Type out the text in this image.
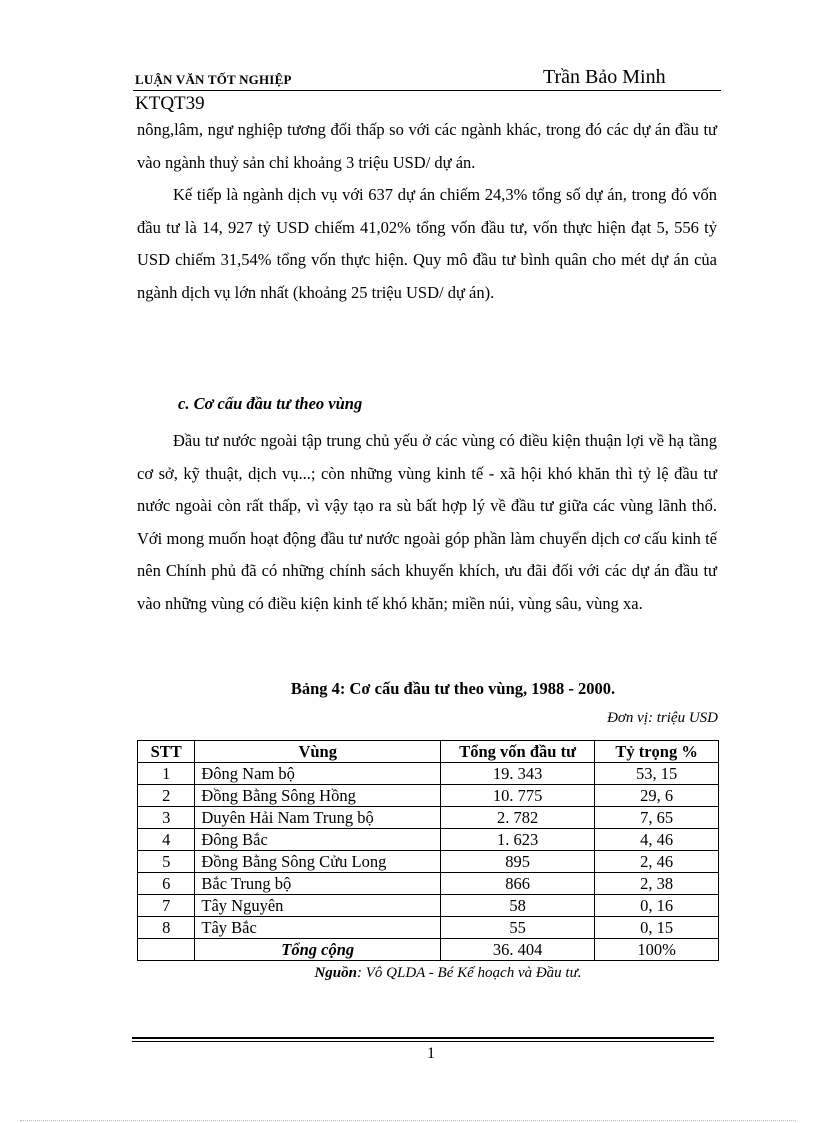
LUẬN VĂN TỐT NGHIỆP	Trần Bảo Minh
KTQT39

nông,lâm, ngư nghiệp tương đối thấp so với các ngành khác, trong đó các dự án đầu tư vào ngành thuỷ sản chỉ khoảng 3 triệu USD/ dự án.

Kế tiếp là ngành dịch vụ với 637 dự án chiếm 24,3% tổng số dự án, trong đó vốn đầu tư là 14, 927 tỷ USD chiếm 41,02% tổng vốn đầu tư, vốn thực hiện đạt 5, 556 tỷ USD chiếm 31,54% tổng vốn thực hiện. Quy mô đầu tư bình quân cho mét dự án của ngành dịch vụ lớn nhất (khoảng 25 triệu USD/ dự án).

c. Cơ cấu đầu tư theo vùng

Đầu tư nước ngoài tập trung chủ yếu ở các vùng có điều kiện thuận lợi về hạ tầng cơ sở, kỹ thuật, dịch vụ...; còn những vùng kinh tế - xã hội khó khăn thì tỷ lệ đầu tư nước ngoài còn rất thấp, vì vậy tạo ra sù bất hợp lý về đầu tư giữa các vùng lãnh thổ. Với mong muốn hoạt động đầu tư nước ngoài góp phần làm chuyển dịch cơ cấu kinh tế nên Chính phủ đã có những chính sách khuyến khích, ưu đãi đối với các dự án đầu tư vào những vùng có điều kiện kinh tế khó khăn; miền núi, vùng sâu, vùng xa.

Bảng 4: Cơ cấu đầu tư theo vùng, 1988 - 2000.
Đơn vị: triệu USD
STT	Vùng	Tổng vốn đầu tư	Tỷ trọng %
1	Đông Nam bộ	19. 343	53, 15
2	Đồng Bằng Sông Hồng	10. 775	29, 6
3	Duyên Hải Nam Trung bộ	2. 782	7, 65
4	Đông Bắc	1. 623	4, 46
5	Đồng Bằng Sông Cửu Long	895	2, 46
6	Bắc Trung bộ	866	2, 38
7	Tây Nguyên	58	0, 16
8	Tây Bắc	55	0, 15
	Tổng cộng	36. 404	100%
Nguồn: Vô QLDA - Bé Kế hoạch và Đầu tư.
1
